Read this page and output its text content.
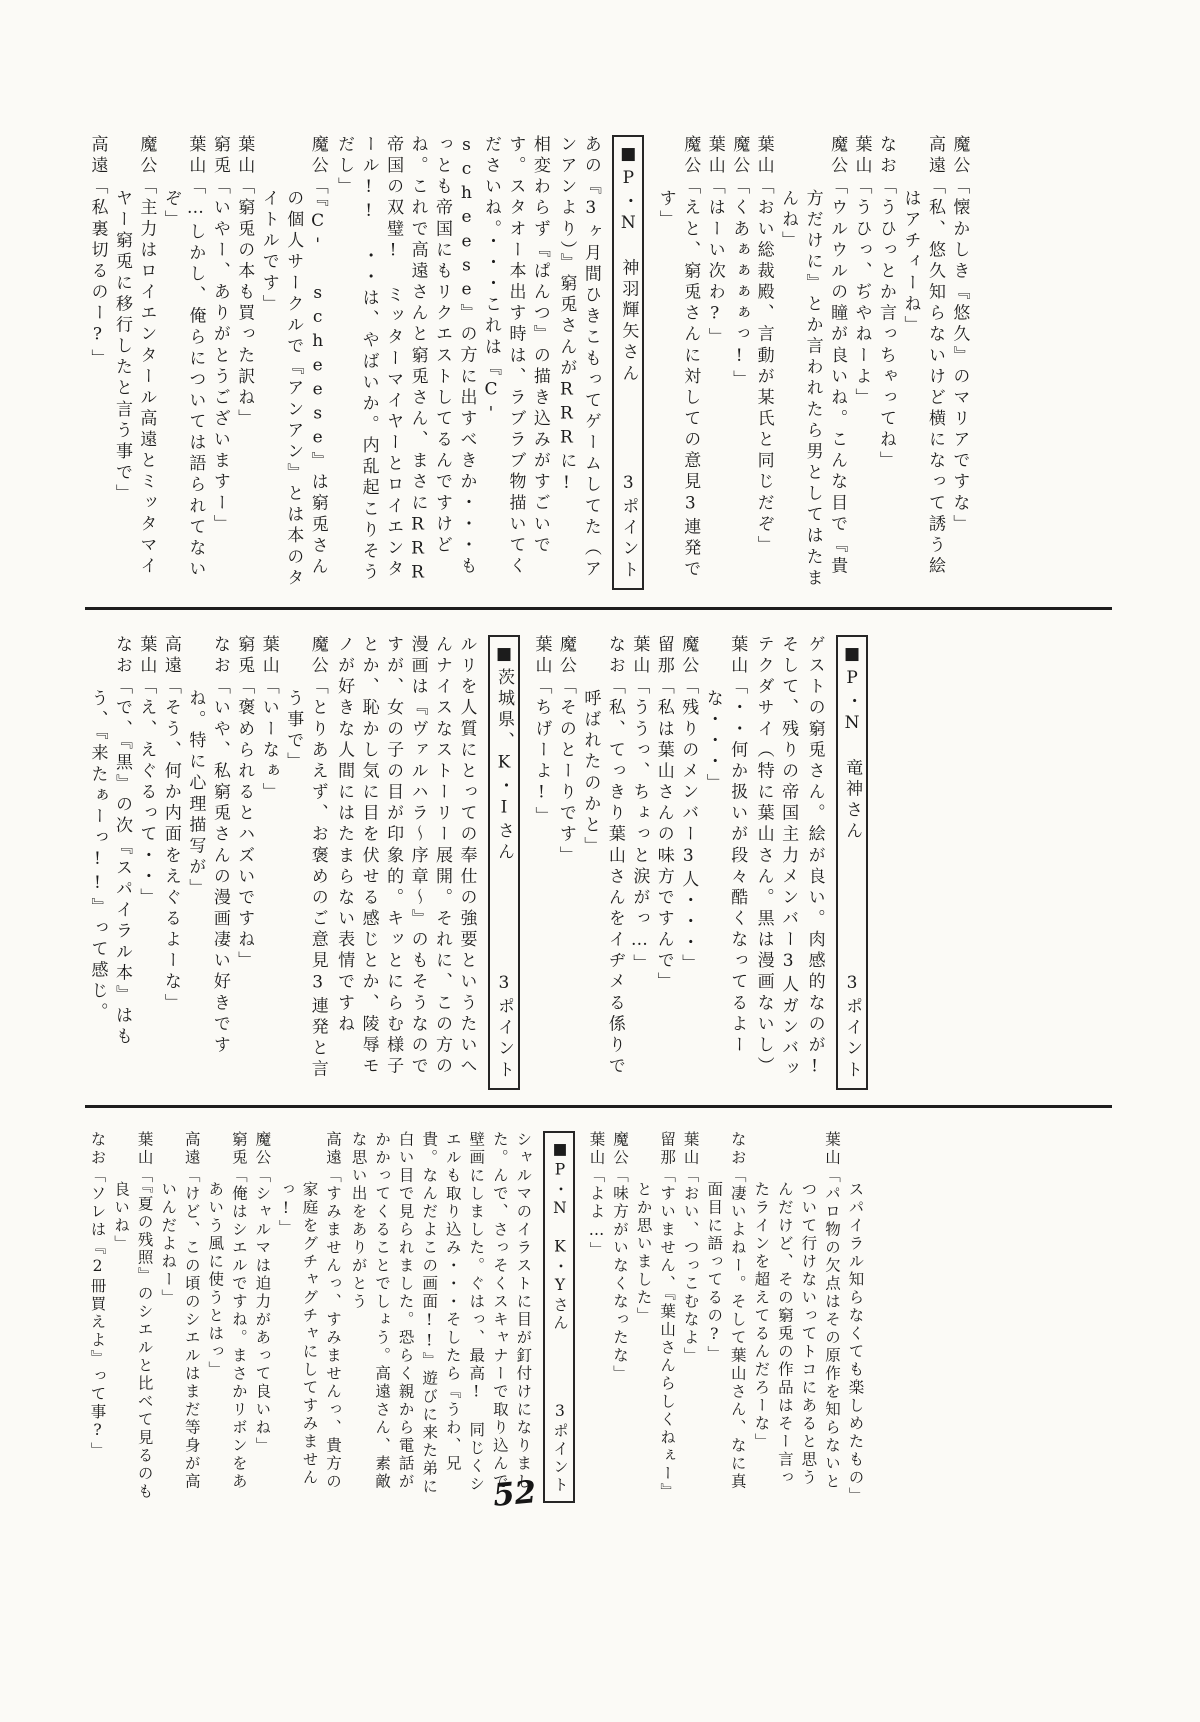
魔公「懐かしき『悠久』のマリアですな」

高遠「私、悠久知らないけど横になって誘う絵はアチィーね」

なお「うひっとか言っちゃってね」

葉山「うひっ、ぢやねーよ」

魔公「ウルウルの瞳が良いね。こんな目で『貴方だけに』とか言われたら男としてはたまんね」

葉山「おい総裁殿、言動が某氏と同じだぞ」

魔公「くあぁぁぁぁっ!」

葉山「はーい次わ?」

魔公「えと、窮兎さんに対しての意見3連発です」

■P・N　神羽輝矢さん
3ポイント

あの『3ヶ月間ひきこもってゲームしてた（アンアンより）』窮兎さんがRRRに!

相変わらず『ぱんつ』の描き込みがすごいです。スタオー本出す時は、ラブラブ物描いてくださいね。・・・これは『C' scheese』の方に出すべきか・・・もっとも帝国にもリクエストしてるんですけどね。これで高遠さんと窮兎さん、まさにRRR帝国の双璧!　ミッターマイヤーとロイエンタール!!　・・は、やばいか。内乱起こりそうだし」

魔公「『C' scheese』は窮兎さんの個人サークルで『アンアン』とは本のタイトルです」

葉山「窮兎の本も買った訳ね」

窮兎「いやー、ありがとうございますー」

葉山「…しかし、俺らについては語られてないぞ」

魔公「主力はロイエンタール高遠とミッタマイヤー窮兎に移行したと言う事で」

高遠「私裏切るのー?」

■P・N　竜神さん
3ポイント

ゲストの窮兎さん。絵が良い。肉感的なのが!

そして、残りの帝国主力メンバー3人ガンバッテクダサイ（特に葉山さん。黒は漫画ないし）

葉山「・・何か扱いが段々酷くなってるよーな・・・」

魔公「残りのメンバー3人・・・」

留那「私は葉山さんの味方ですんで」

葉山「ううっ、ちょっと涙がっ…」

なお「私、てっきり葉山さんをイヂメる係りで呼ばれたのかと」

魔公「そのとーりです」

葉山「ちげーよ!」

■茨城県、K・Iさん
3ポイント

ルリを人質にとっての奉仕の強要というたいへんナイスなストーリー展開。それに、この方の漫画は『ヴァルハラ～序章～』のもそうなのですが、女の子の目が印象的。キッとにらむ様子とか、恥かし気に目を伏せる感じとか、陵辱モノが好きな人間にはたまらない表情ですね

魔公「とりあえず、お褒めのご意見3連発と言う事で」

葉山「いーなぁ」

窮兎「褒められるとハズいですね」

なお「いや、私窮兎さんの漫画凄い好きですね。特に心理描写が」

高遠「そう、何か内面をえぐるよーな」

葉山「え、えぐるって・・」

なお「で、『黒』の次『スパイラル本』はもう、『来たぁーっ!!』って感じ。

スパイラル知らなくても楽しめたもの」

葉山「パロ物の欠点はその原作を知らないとついて行けないってトコにあると思うんだけど、その窮兎の作品はそー言ったラインを超えてるんだろーな」

なお「凄いよねー。そして葉山さん、なに真面目に語ってるの?」

葉山「おい、つっこむなよ」

留那「すいません、『葉山さんらしくねぇー』とか思いました」

魔公「味方がいなくなったな」

葉山「よよ…」

■P・N　K・Yさん
3ポイント

シャルマのイラストに目が釘付けになりました。んで、さっそくスキャナーで取り込んで壁画にしました。ぐはっ、最高!　同じくシエルも取り込み・・・そしたら『うわ、兄貴。なんだよこの画面!!』遊びに来た弟に白い目で見られました。恐らく親から電話がかかってくることでしょう。高遠さん、素敵な思い出をありがとう

高遠「すみませんっ、すみませんっ、貴方の家庭をグチャグチャにしてすみませんっ!」

魔公「シャルマは迫力があって良いね」

窮兎「俺はシエルですね。まさかリボンをああいう風に使うとはっ」

高遠「けど、この頃のシエルはまだ等身が高いんだよねー」

葉山「『夏の残照』のシエルと比べて見るのも良いね」

なお「ソレは『2冊買えよ』って事?」

52
